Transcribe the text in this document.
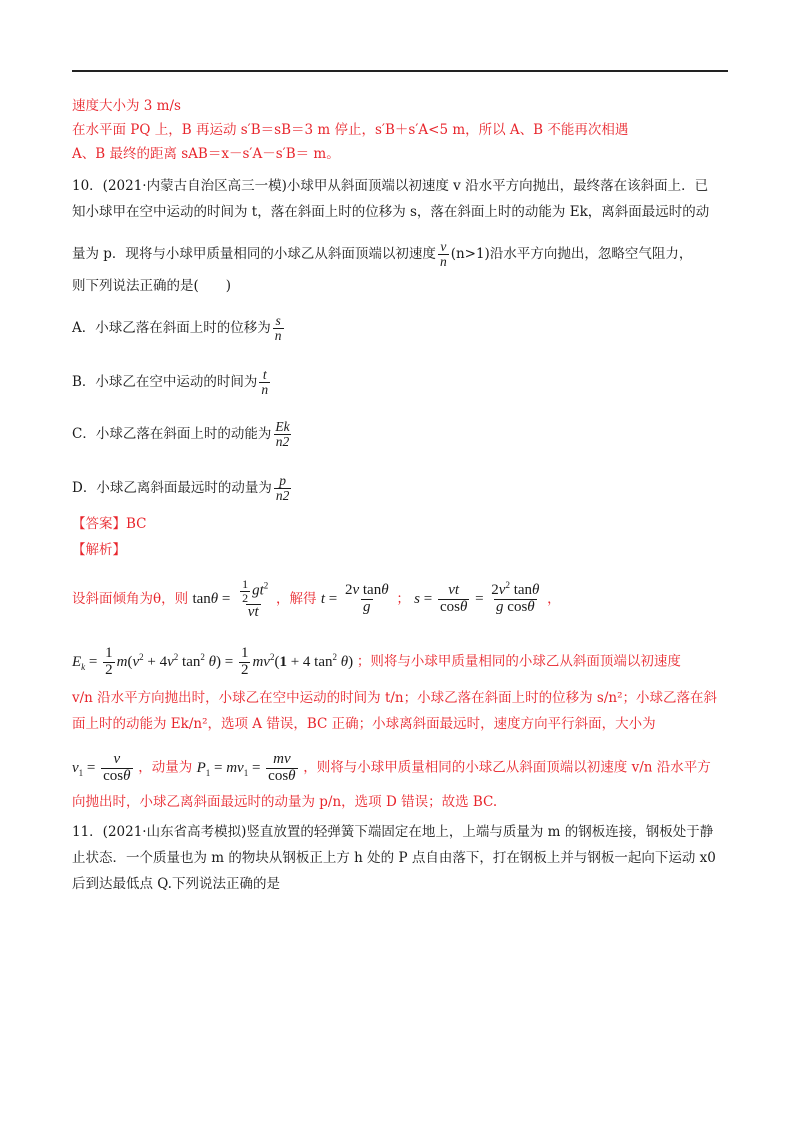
速度大小为 3 m/s
在水平面 PQ 上，B 再运动 s′B＝sB＝3 m 停止，s′B＋s′A<5 m，所以 A、B 不能再次相遇
A、B 最终的距离 sAB＝x－s′A－s′B＝ m。
10．(2021·内蒙古自治区高三一模)小球甲从斜面顶端以初速度 v 沿水平方向抛出，最终落在该斜面上．已
知小球甲在空中运动的时间为 t，落在斜面上时的位移为 s，落在斜面上时的动能为 Ek，离斜面最远时的动
量为 p．现将与小球甲质量相同的小球乙从斜面顶端以初速度 $\frac{v}{n} (n>1)$沿水平方向抛出，忽略空气阻力，
则下列说法正确的是(　　)
A．小球乙落在斜面上时的位移为 $\frac{s}{n}$
B．小球乙在空中运动的时间为 $\frac{t}{n}$
C．小球乙落在斜面上时的动能为 $\frac{Ek}{n2}$
D．小球乙离斜面最远时的动量为 $\frac{p}{n2}$
【答案】BC
【解析】
设斜面倾角为θ，则 $\tan\theta = \frac{\frac{1}{2} gt^2}{vt}$ ，解得 $t = \frac{\text{2v tanθ}}{g}$ ； $s = \frac{vt}{\cos\theta} = \frac{2v^2 \tan\theta}{\text{g cosθ}}$ ，
$E_k = \frac{1}{2} m(v^2 + 4v^2$ $\tan^2 \theta) = \frac{1}{2} mv^2(1 + 4$ $\tan^2 \theta$) ；则将与小球甲质量相同的小球乙从斜面顶端以初速度
v/n 沿水平方向抛出时，小球乙在空中运动的时间为 t/n；小球乙落在斜面上时的位移为 s/n²；小球乙落在斜
面上时的动能为 Ek/n²，选项 A 错误，BC 正确；小球离斜面最远时，速度方向平行斜面，大小为
$v_1 = \frac{v}{\cos\theta}$ ，动量为 $P_1 = mv_1 = \frac{mv}{\cos\theta}$ ，则将与小球甲质量相同的小球乙从斜面顶端以初速度 v/n 沿水平方
向抛出时，小球乙离斜面最远时的动量为 p/n，选项 D 错误；故选 BC.
11．(2021·山东省高考模拟)竖直放置的轻弹簧下端固定在地上，上端与质量为 m 的钢板连接，钢板处于静
止状态．一个质量也为 m 的物块从钢板正上方 h 处的 P 点自由落下，打在钢板上并与钢板一起向下运动 x0
后到达最低点 Q.下列说法正确的是
